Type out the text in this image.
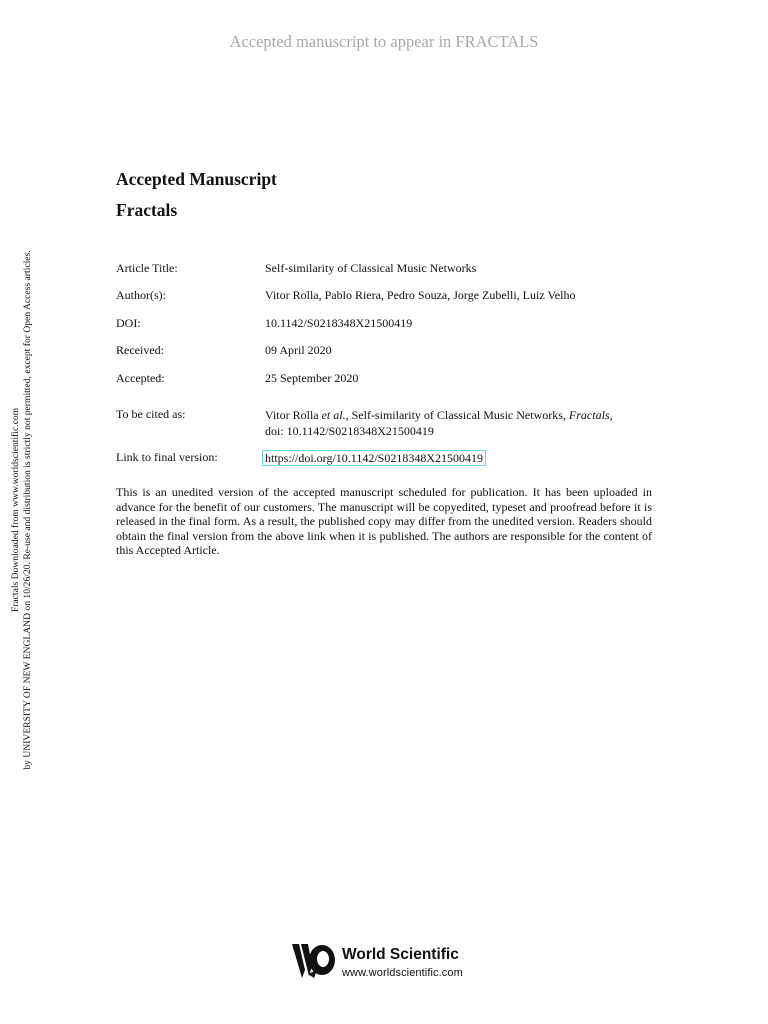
Accepted manuscript to appear in FRACTALS
Fractals Downloaded from www.worldscientific.com by UNIVERSITY OF NEW ENGLAND on 10/26/20. Re-use and distribution is strictly not permitted, except for Open Access articles.
Accepted Manuscript
Fractals
Article Title:	Self-similarity of Classical Music Networks
Author(s):	Vitor Rolla, Pablo Riera, Pedro Souza, Jorge Zubelli, Luiz Velho
DOI:	10.1142/S0218348X21500419
Received:	09 April 2020
Accepted:	25 September 2020
To be cited as:	Vitor Rolla et al., Self-similarity of Classical Music Networks, Fractals,
doi: 10.1142/S0218348X21500419
Link to final version:	https://doi.org/10.1142/S0218348X21500419

This is an unedited version of the accepted manuscript scheduled for publication. It has been uploaded in advance for the benefit of our customers. The manuscript will be copyedited, typeset and proofread before it is released in the final form. As a result, the published copy may differ from the unedited version. Readers should obtain the final version from the above link when it is published. The authors are responsible for the content of this Accepted Article.

World Scientific
www.worldscientific.com
